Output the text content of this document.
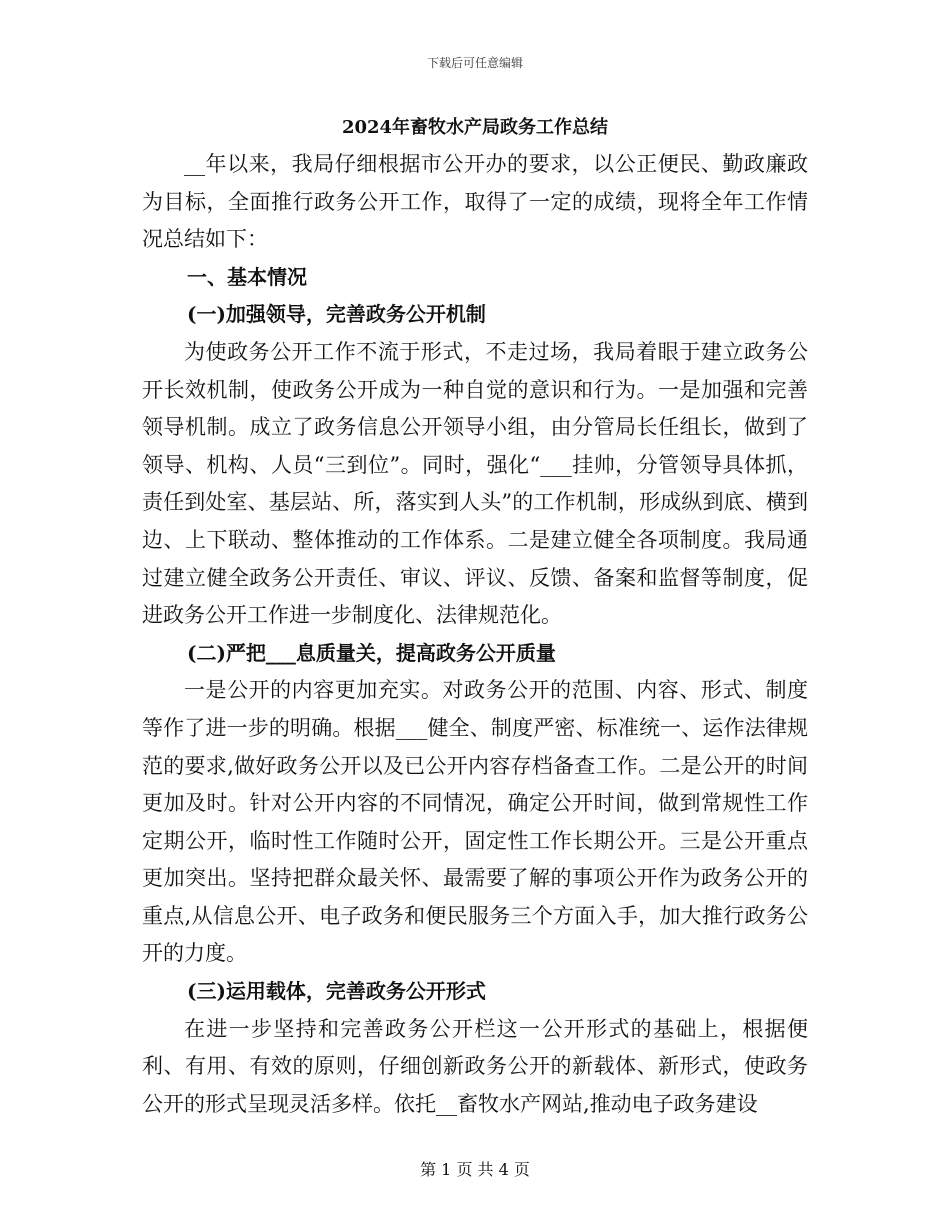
下载后可任意编辑
2024年畜牧水产局政务工作总结

__年以来，我局仔细根据市公开办的要求，以公正便民、勤政廉政为目标，全面推行政务公开工作，取得了一定的成绩，现将全年工作情况总结如下：

一、基本情况
(一)加强领导，完善政务公开机制

为使政务公开工作不流于形式，不走过场，我局着眼于建立政务公开长效机制，使政务公开成为一种自觉的意识和行为。一是加强和完善领导机制。成立了政务信息公开领导小组，由分管局长任组长，做到了领导、机构、人员“三到位”。同时，强化“___挂帅，分管领导具体抓，责任到处室、基层站、所，落实到人头”的工作机制，形成纵到底、横到边、上下联动、整体推动的工作体系。二是建立健全各项制度。我局通过建立健全政务公开责任、审议、评议、反馈、备案和监督等制度，促进政务公开工作进一步制度化、法律规范化。

(二)严把___息质量关，提高政务公开质量

一是公开的内容更加充实。对政务公开的范围、内容、形式、制度等作了进一步的明确。根据___健全、制度严密、标准统一、运作法律规范的要求,做好政务公开以及已公开内容存档备查工作。二是公开的时间更加及时。针对公开内容的不同情况，确定公开时间，做到常规性工作定期公开，临时性工作随时公开，固定性工作长期公开。三是公开重点更加突出。坚持把群众最关怀、最需要了解的事项公开作为政务公开的重点,从信息公开、电子政务和便民服务三个方面入手，加大推行政务公开的力度。

(三)运用载体，完善政务公开形式

在进一步坚持和完善政务公开栏这一公开形式的基础上，根据便利、有用、有效的原则，仔细创新政务公开的新载体、新形式，使政务公开的形式呈现灵活多样。依托__畜牧水产网站,推动电子政务建设

第 1 页 共 4 页
